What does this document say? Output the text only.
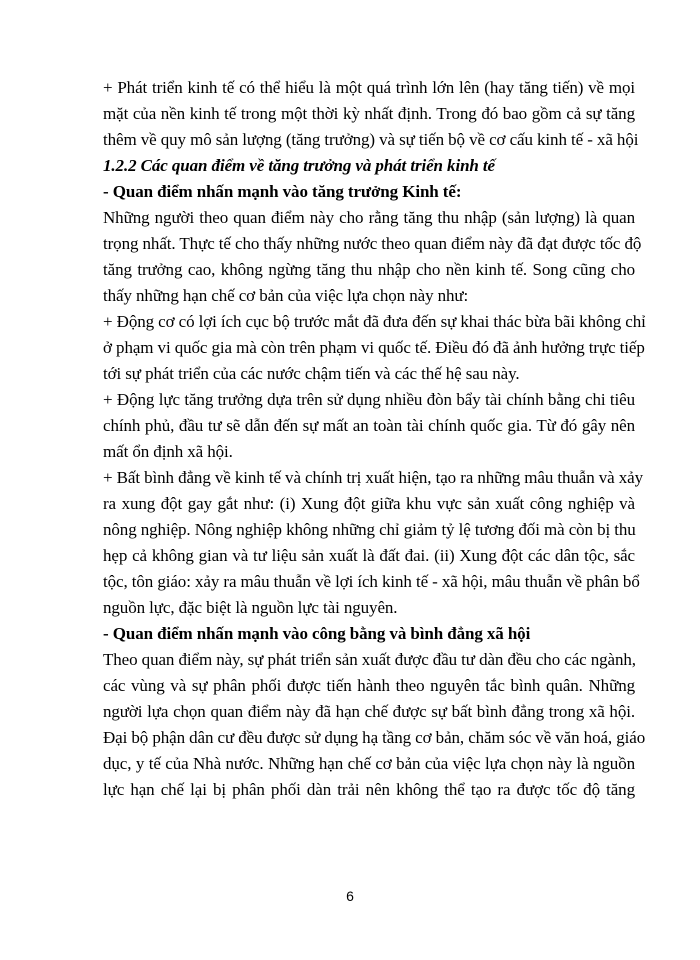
+ Phát triển kinh tế có thể hiểu là một quá trình lớn lên (hay tăng tiến) về mọi
mặt của nền kinh tế trong một thời kỳ nhất định. Trong đó bao gồm cả sự tăng
thêm về quy mô sản lượng (tăng trưởng) và sự tiến bộ về cơ cấu kinh tế - xã hội
1.2.2 Các quan điểm về tăng trưởng và phát triển kinh tế
- Quan điểm nhấn mạnh vào tăng trưởng Kinh tế:
Những người theo quan điểm này cho rằng tăng thu nhập (sản lượng) là quan
trọng nhất. Thực tế cho thấy những nước theo quan điểm này đã đạt được tốc độ
tăng trưởng cao, không ngừng tăng thu nhập cho nền kinh tế. Song cũng cho
thấy những hạn chế cơ bản của việc lựa chọn này như:
+ Động cơ có lợi ích cục bộ trước mắt đã đưa đến sự khai thác bừa bãi không chỉ
ở phạm vi quốc gia mà còn trên phạm vi quốc tế. Điều đó đã ảnh hưởng trực tiếp
tới sự phát triển của các nước chậm tiến và các thế hệ sau này.
+ Động lực tăng trưởng dựa trên sử dụng nhiều đòn bẩy tài chính bằng chi tiêu
chính phủ, đầu tư sẽ dẫn đến sự mất an toàn tài chính quốc gia. Từ đó gây nên
mất ổn định xã hội.
+ Bất bình đẳng về kinh tế và chính trị xuất hiện, tạo ra những mâu thuẫn và xảy
ra xung đột gay gắt như: (i) Xung đột giữa khu vực sản xuất công nghiệp và
nông nghiệp. Nông nghiệp không những chỉ giảm tỷ lệ tương đối mà còn bị thu
hẹp cả không gian và tư liệu sản xuất là đất đai. (ii) Xung đột các dân tộc, sắc
tộc, tôn giáo: xảy ra mâu thuẫn về lợi ích kinh tế - xã hội, mâu thuẫn về phân bổ
nguồn lực, đặc biệt là nguồn lực tài nguyên.
- Quan điểm nhấn mạnh vào công bằng và bình đẳng xã hội
Theo quan điểm này, sự phát triển sản xuất được đầu tư dàn đều cho các ngành,
các vùng và sự phân phối được tiến hành theo nguyên tắc bình quân. Những
người lựa chọn quan điểm này đã hạn chế được sự bất bình đẳng trong xã hội.
Đại bộ phận dân cư đều được sử dụng hạ tầng cơ bản, chăm sóc về văn hoá, giáo
dục, y tế của Nhà nước. Những hạn chế cơ bản của việc lựa chọn này là nguồn
lực hạn chế lại bị phân phối dàn trải nên không thể tạo ra được tốc độ tăng
6
